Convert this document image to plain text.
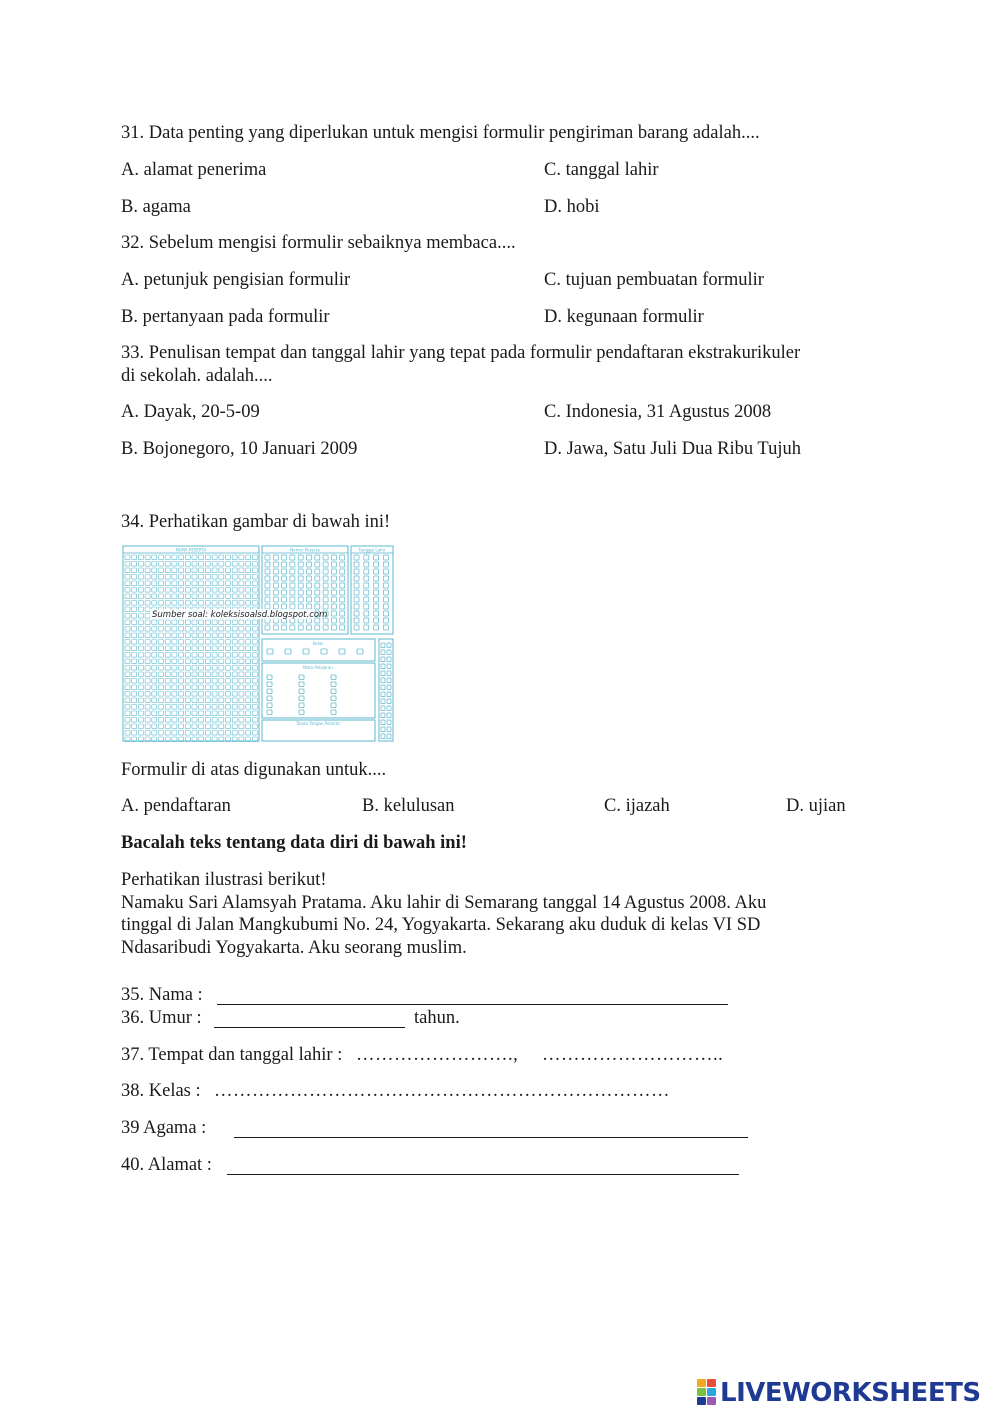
31. Data penting yang diperlukan untuk mengisi formulir pengiriman barang adalah....
A. alamat penerima	C. tanggal lahir
B. agama	D. hobi
32. Sebelum mengisi formulir sebaiknya membaca....
A. petunjuk pengisian formulir	C. tujuan pembuatan formulir
B. pertanyaan pada formulir	D. kegunaan formulir
33. Penulisan tempat dan tanggal lahir yang tepat pada formulir pendaftaran ekstrakurikuler
di sekolah. adalah....
A. Dayak, 20-5-09	C. Indonesia, 31 Agustus 2008
B. Bojonegoro, 10 Januari 2009	D. Jawa, Satu Juli Dua Ribu Tujuh
34. Perhatikan gambar di bawah ini!
NAMA PESERTA	Nomor Peserta	Tanggal Lahir
Kelas
Mata Pelajaran
Tanda Tangan Peserta
Sumber soal: koleksisoalsd.blogspot.com
Formulir di atas digunakan untuk....
A. pendaftaran	B. kelulusan	C. ijazah	D. ujian
Bacalah teks tentang data diri di bawah ini!
Perhatikan ilustrasi berikut!
Namaku Sari Alamsyah Pratama. Aku lahir di Semarang tanggal 14 Agustus 2008. Aku
tinggal di Jalan Mangkubumi No. 24, Yogyakarta. Sekarang aku duduk di kelas VI SD
Ndasaribudi Yogyakarta. Aku seorang muslim.
35. Nama :
36. Umur :	tahun.
37. Tempat dan tanggal lahir : ……………………., ………………………..
38. Kelas : ………………………………………………………………
39 Agama :
40. Alamat :
LIVEWORKSHEETS
